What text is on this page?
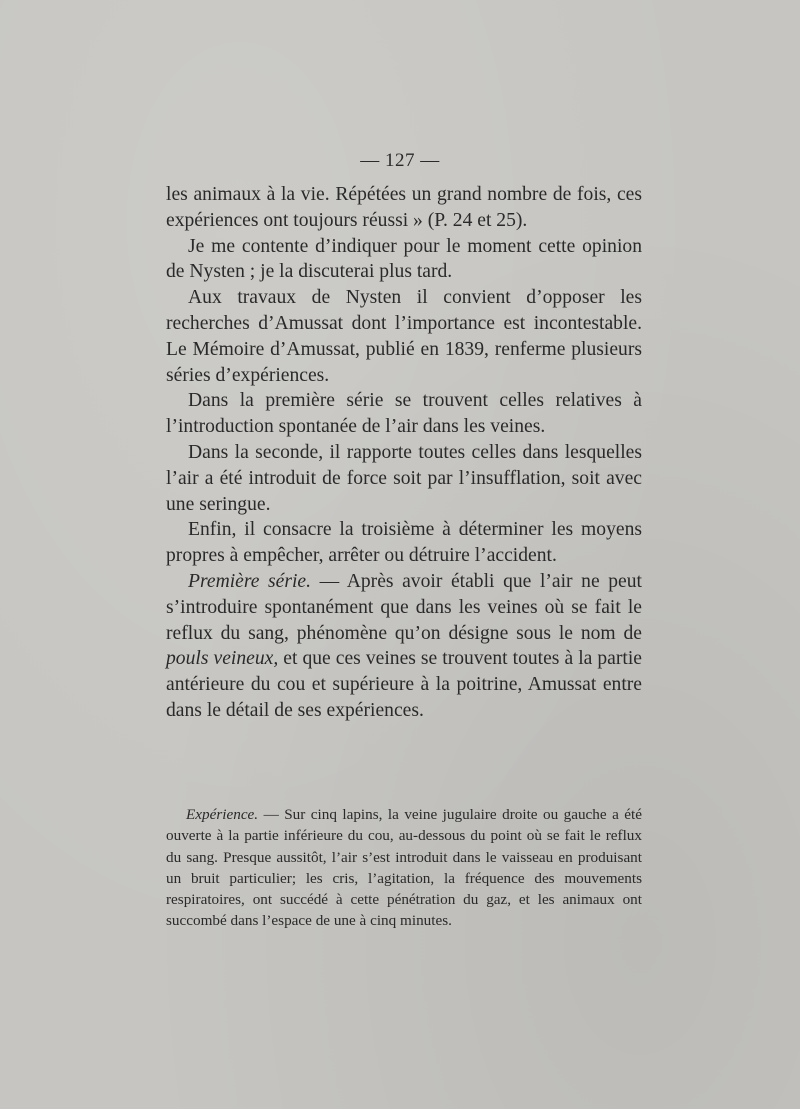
— 127 —

les animaux à la vie. Répétées un grand nombre de fois, ces expériences ont toujours réussi » (P. 24 et 25).

Je me contente d’indiquer pour le moment cette opinion de Nysten ; je la discuterai plus tard.

Aux travaux de Nysten il convient d’opposer les recherches d’Amussat dont l’importance est incontestable. Le Mémoire d’Amussat, publié en 1839, renferme plusieurs séries d’expériences.

Dans la première série se trouvent celles relatives à l’introduction spontanée de l’air dans les veines.

Dans la seconde, il rapporte toutes celles dans lesquelles l’air a été introduit de force soit par l’insufflation, soit avec une seringue.

Enfin, il consacre la troisième à déterminer les moyens propres à empêcher, arrêter ou détruire l’accident.

Première série. — Après avoir établi que l’air ne peut s’introduire spontanément que dans les veines où se fait le reflux du sang, phénomène qu’on désigne sous le nom de pouls veineux, et que ces veines se trouvent toutes à la partie antérieure du cou et supérieure à la poitrine, Amussat entre dans le détail de ses expériences.

Expérience. — Sur cinq lapins, la veine jugulaire droite ou gauche a été ouverte à la partie inférieure du cou, au-dessous du point où se fait le reflux du sang. Presque aussitôt, l’air s’est introduit dans le vaisseau en produisant un bruit particulier; les cris, l’agitation, la fréquence des mouvements respiratoires, ont succédé à cette pénétration du gaz, et les animaux ont succombé dans l’espace de une à cinq minutes.
